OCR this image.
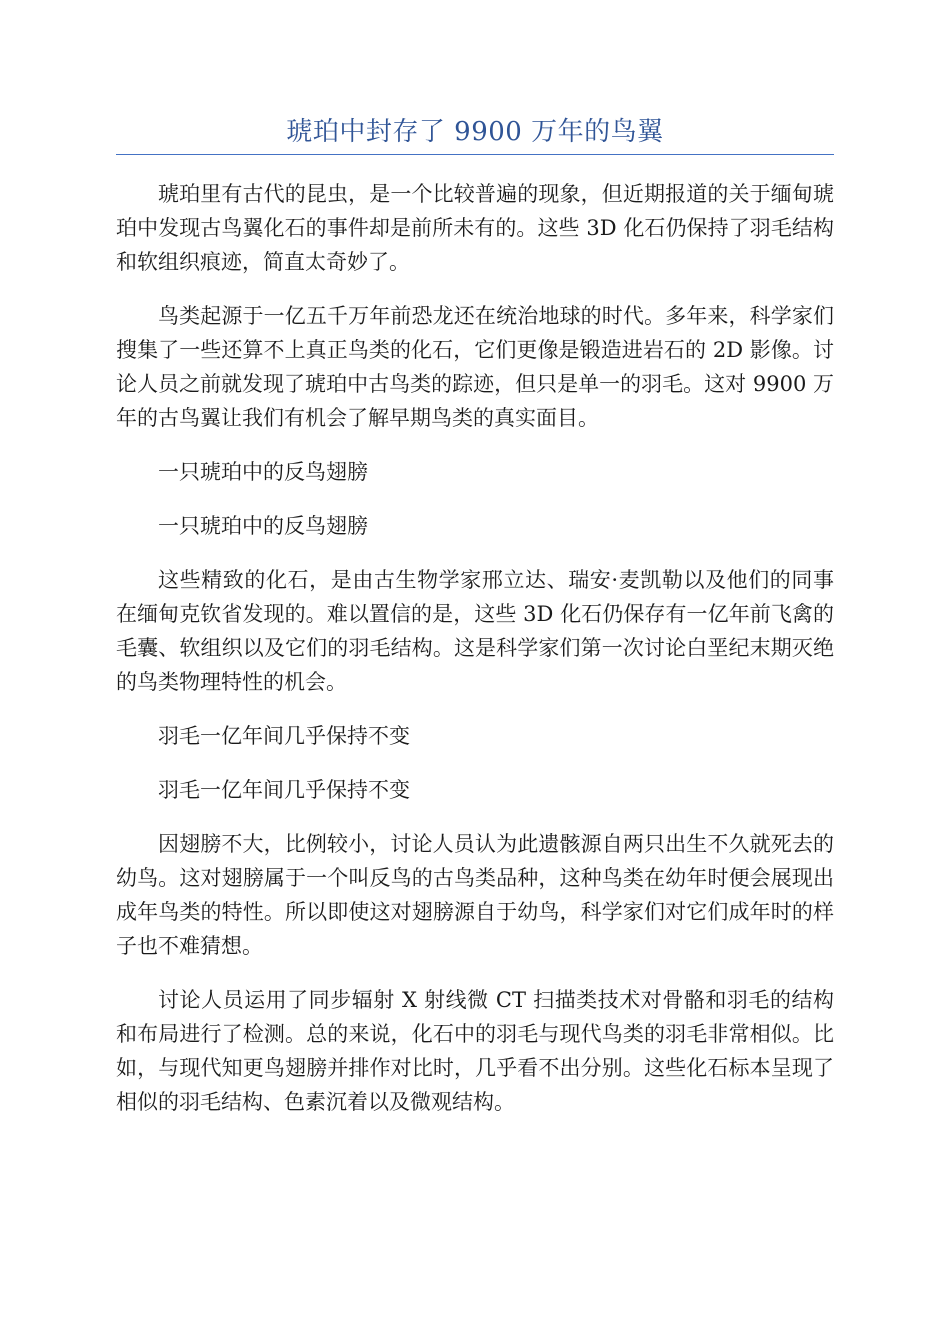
琥珀中封存了 9900 万年的鸟翼

琥珀里有古代的昆虫，是一个比较普遍的现象，但近期报道的关于缅甸琥珀中发现古鸟翼化石的事件却是前所未有的。这些 3D 化石仍保持了羽毛结构和软组织痕迹，简直太奇妙了。

鸟类起源于一亿五千万年前恐龙还在统治地球的时代。多年来，科学家们搜集了一些还算不上真正鸟类的化石，它们更像是锻造进岩石的 2D 影像。讨论人员之前就发现了琥珀中古鸟类的踪迹，但只是单一的羽毛。这对 9900 万年的古鸟翼让我们有机会了解早期鸟类的真实面目。

一只琥珀中的反鸟翅膀

一只琥珀中的反鸟翅膀

这些精致的化石，是由古生物学家邢立达、瑞安·麦凯勒以及他们的同事在缅甸克钦省发现的。难以置信的是，这些 3D 化石仍保存有一亿年前飞禽的毛囊、软组织以及它们的羽毛结构。这是科学家们第一次讨论白垩纪末期灭绝的鸟类物理特性的机会。

羽毛一亿年间几乎保持不变

羽毛一亿年间几乎保持不变

因翅膀不大，比例较小，讨论人员认为此遗骸源自两只出生不久就死去的幼鸟。这对翅膀属于一个叫反鸟的古鸟类品种，这种鸟类在幼年时便会展现出成年鸟类的特性。所以即使这对翅膀源自于幼鸟，科学家们对它们成年时的样子也不难猜想。

讨论人员运用了同步辐射 X 射线微 CT 扫描类技术对骨骼和羽毛的结构和布局进行了检测。总的来说，化石中的羽毛与现代鸟类的羽毛非常相似。比如，与现代知更鸟翅膀并排作对比时，几乎看不出分别。这些化石标本呈现了相似的羽毛结构、色素沉着以及微观结构。
